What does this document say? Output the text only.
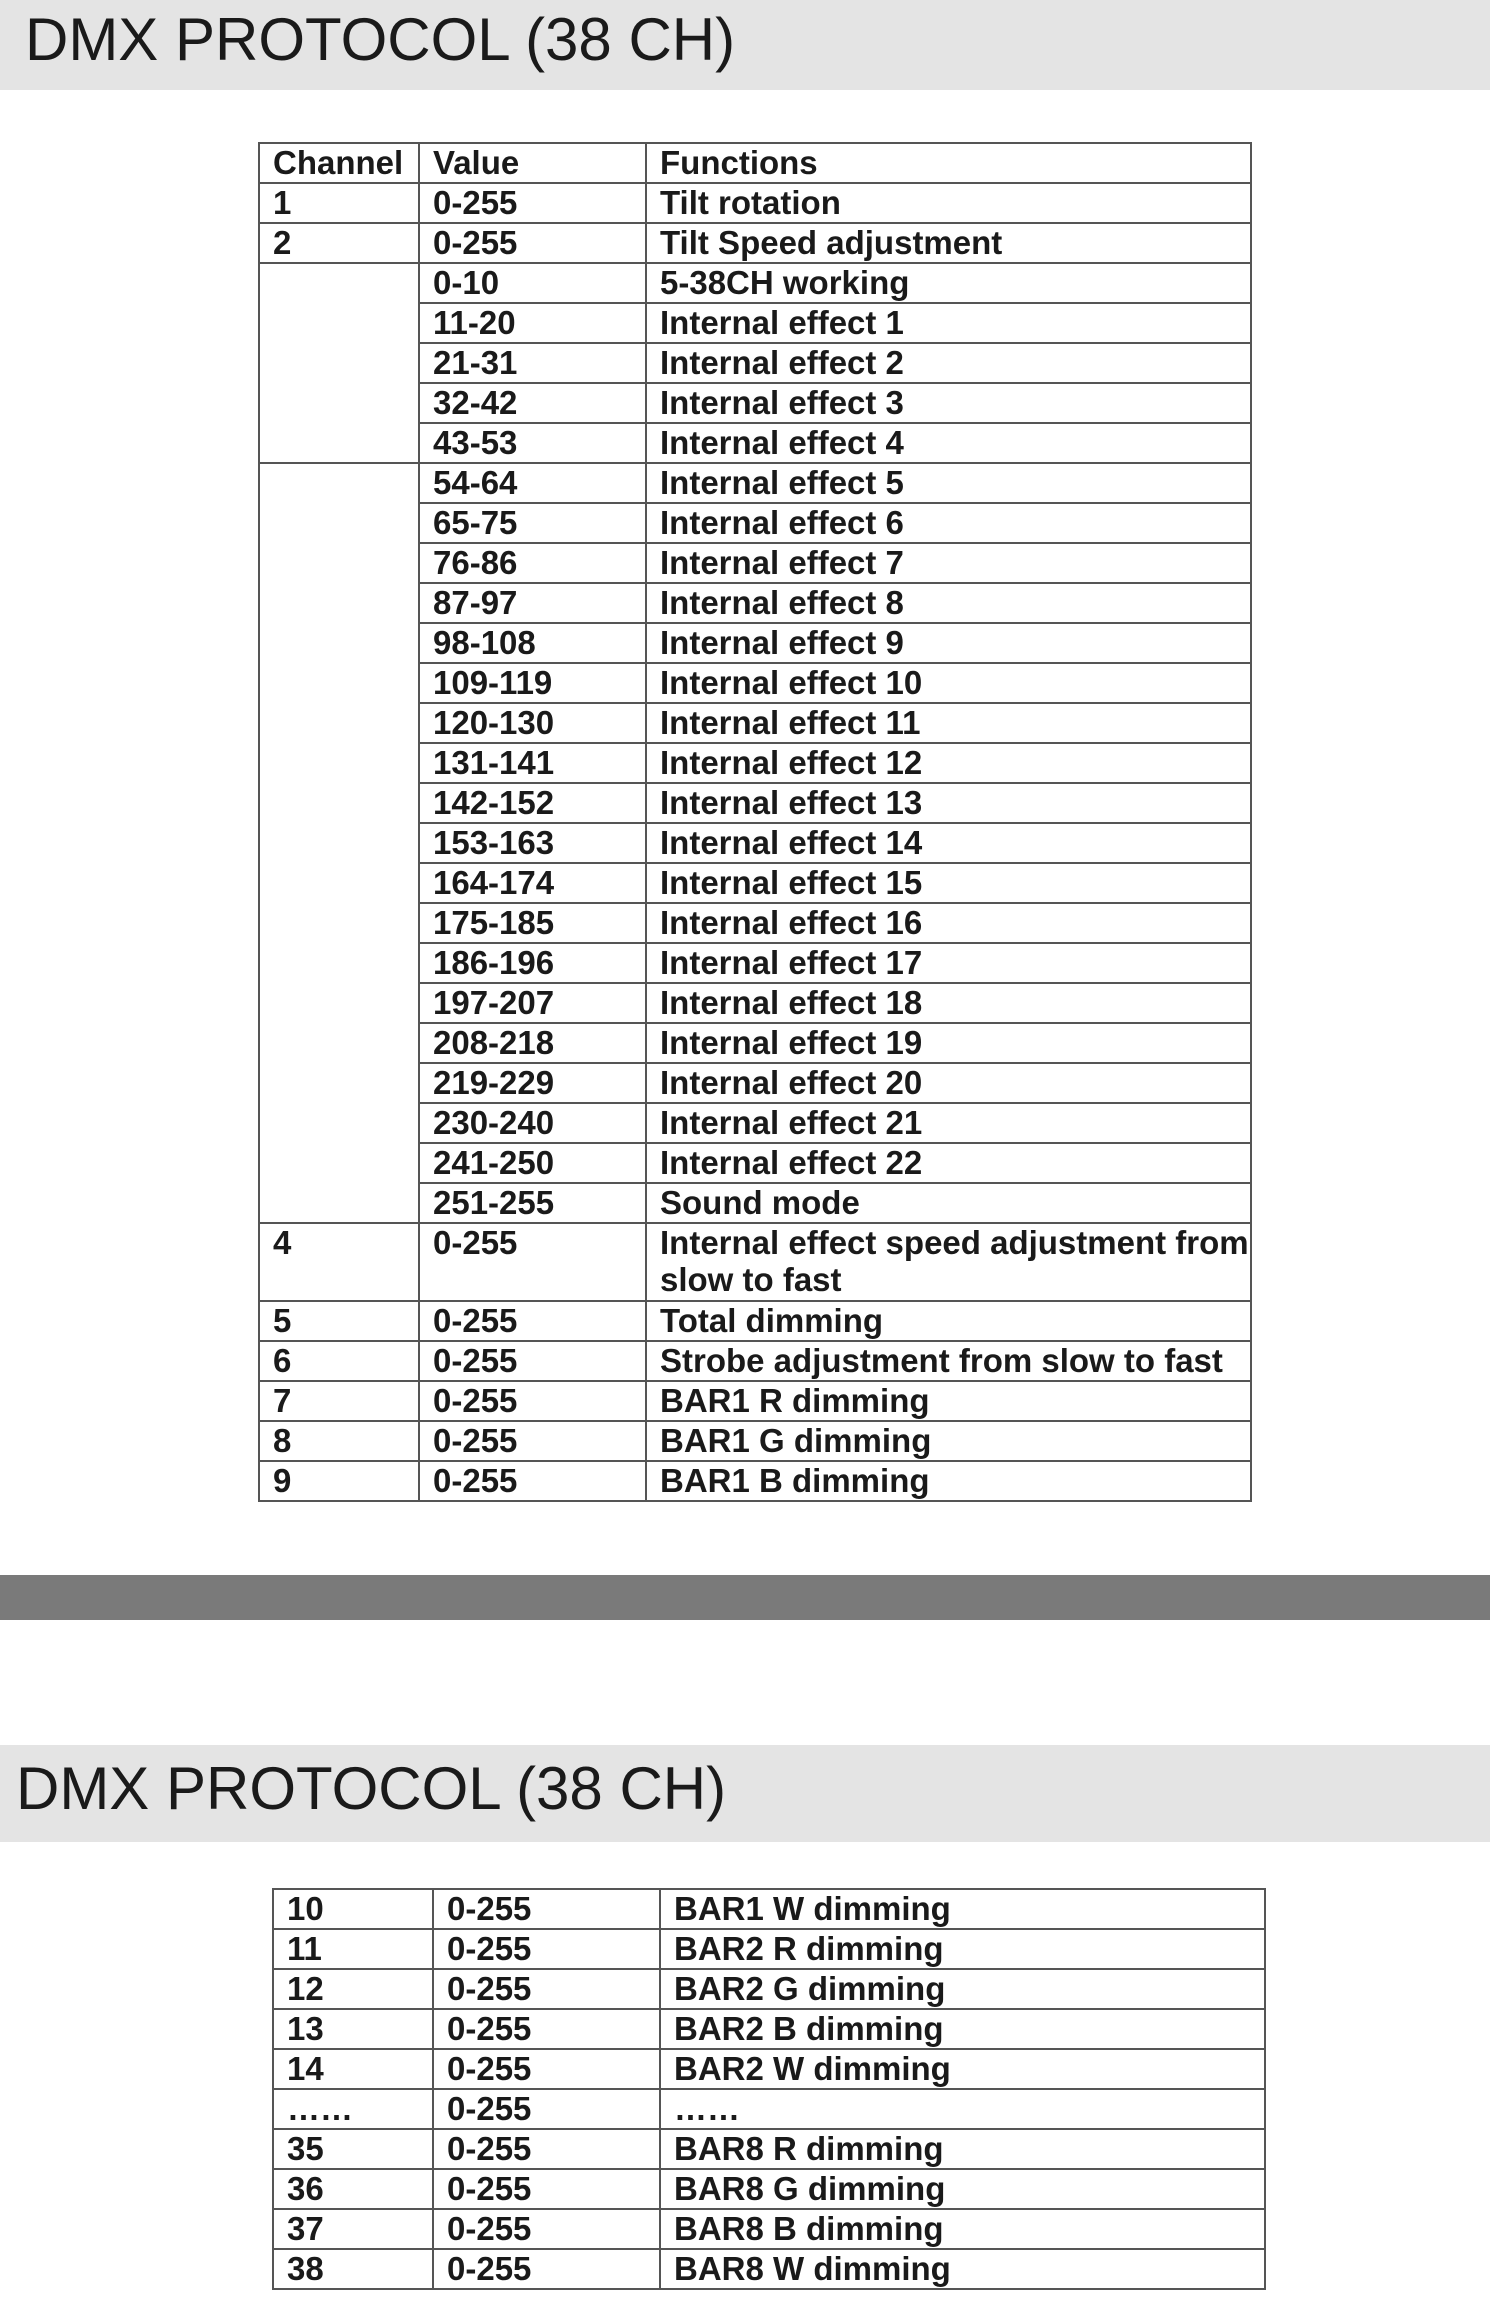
DMX PROTOCOL (38 CH)
Channel	Value	Functions
1	0-255	Tilt rotation
2	0-255	Tilt Speed adjustment
	0-10	5-38CH working
	11-20	Internal effect 1
	21-31	Internal effect 2
	32-42	Internal effect 3
	43-53	Internal effect 4
	54-64	Internal effect 5
	65-75	Internal effect 6
	76-86	Internal effect 7
	87-97	Internal effect 8
	98-108	Internal effect 9
	109-119	Internal effect 10
	120-130	Internal effect 11
	131-141	Internal effect 12
	142-152	Internal effect 13
	153-163	Internal effect 14
	164-174	Internal effect 15
	175-185	Internal effect 16
	186-196	Internal effect 17
	197-207	Internal effect 18
	208-218	Internal effect 19
	219-229	Internal effect 20
	230-240	Internal effect 21
	241-250	Internal effect 22
	251-255	Sound mode
4	0-255	Internal effect speed adjustment from slow to fast
5	0-255	Total dimming
6	0-255	Strobe adjustment from slow to fast
7	0-255	BAR1 R dimming
8	0-255	BAR1 G dimming
9	0-255	BAR1 B dimming
DMX PROTOCOL (38 CH)
10	0-255	BAR1 W dimming
11	0-255	BAR2 R dimming
12	0-255	BAR2 G dimming
13	0-255	BAR2 B dimming
14	0-255	BAR2 W dimming
……	0-255	……
35	0-255	BAR8 R dimming
36	0-255	BAR8 G dimming
37	0-255	BAR8 B dimming
38	0-255	BAR8 W dimming
